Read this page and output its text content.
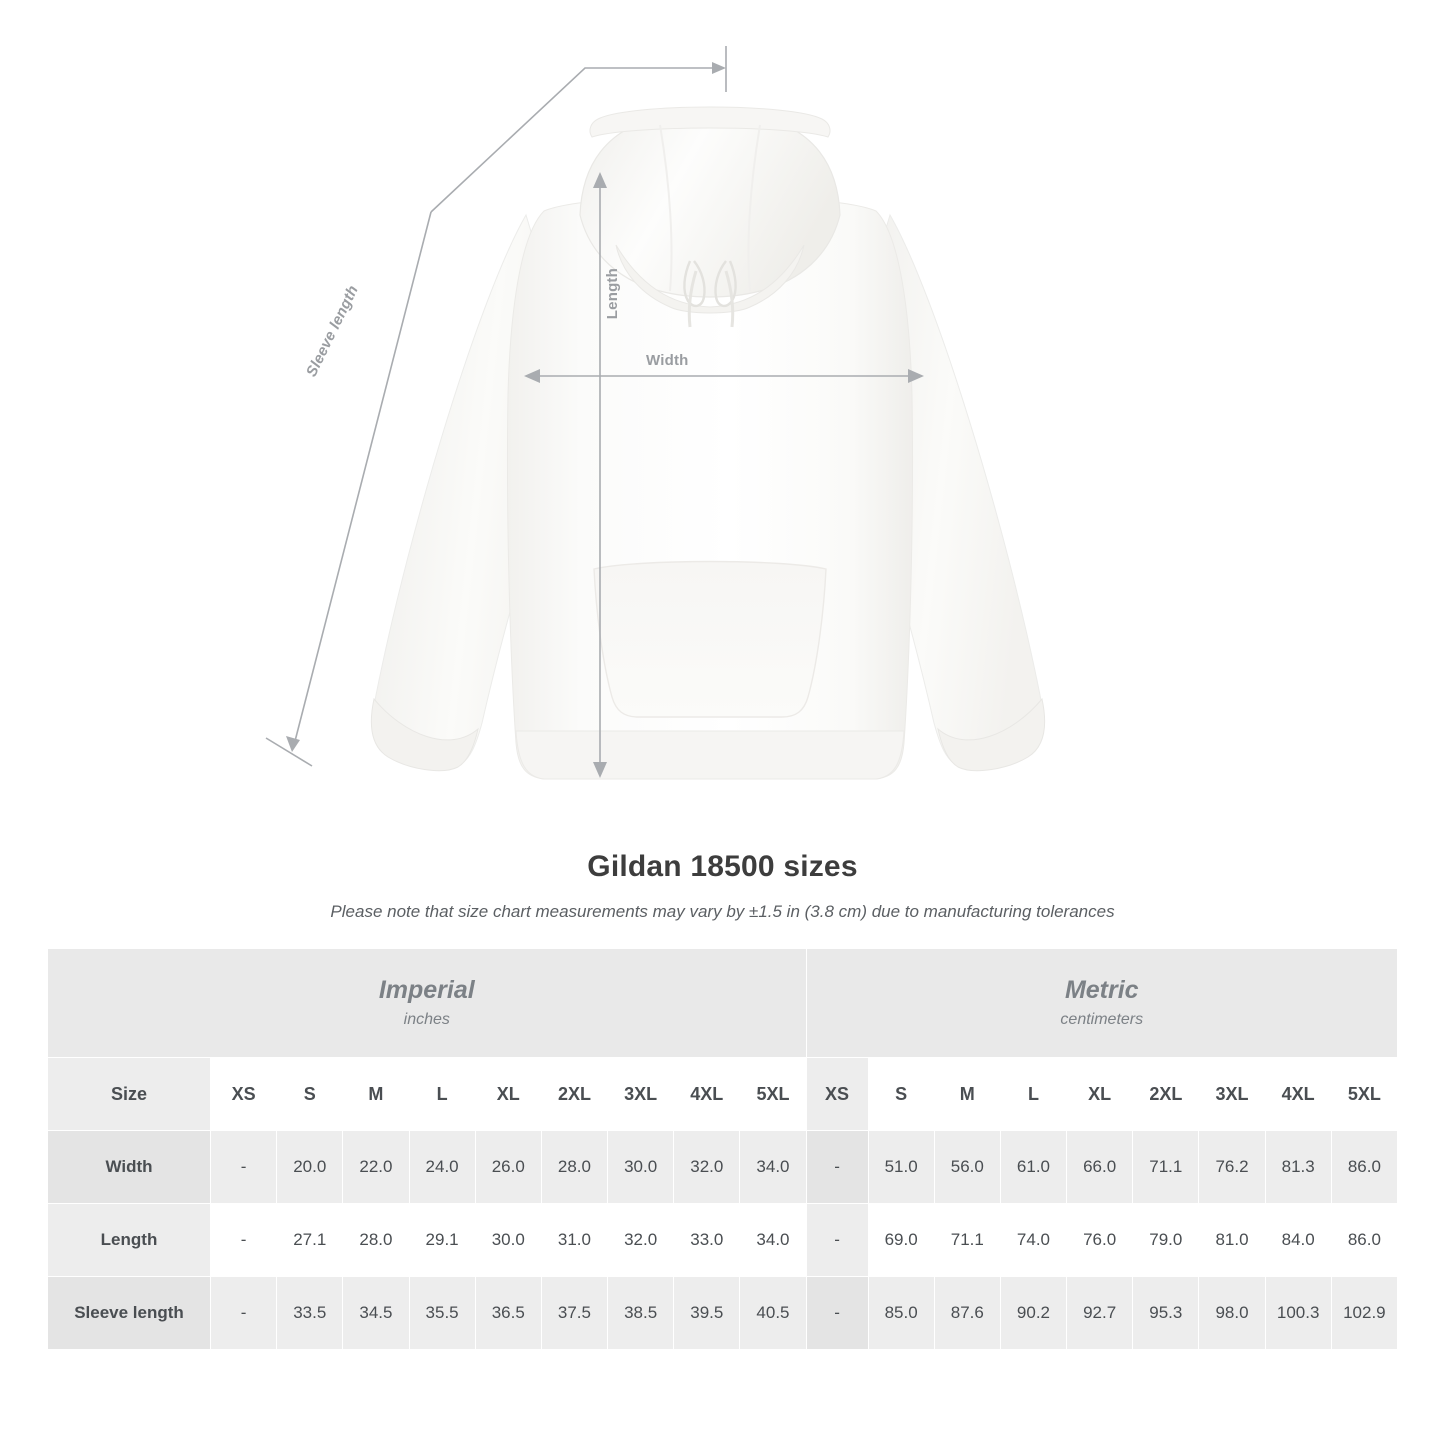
Width
Length
Sleeve length
Gildan 18500 sizes
Please note that size chart measurements may vary by ±1.5 in (3.8 cm) due to manufacturing tolerances
Imperial
inches

Metric
centimeters

Size	XS	S	M	L	XL	2XL	3XL	4XL	5XL	XS	S	M	L	XL	2XL	3XL	4XL	5XL
Width	-	20.0	22.0	24.0	26.0	28.0	30.0	32.0	34.0	-	51.0	56.0	61.0	66.0	71.1	76.2	81.3	86.0
Length	-	27.1	28.0	29.1	30.0	31.0	32.0	33.0	34.0	-	69.0	71.1	74.0	76.0	79.0	81.0	84.0	86.0
Sleeve length	-	33.5	34.5	35.5	36.5	37.5	38.5	39.5	40.5	-	85.0	87.6	90.2	92.7	95.3	98.0	100.3	102.9
